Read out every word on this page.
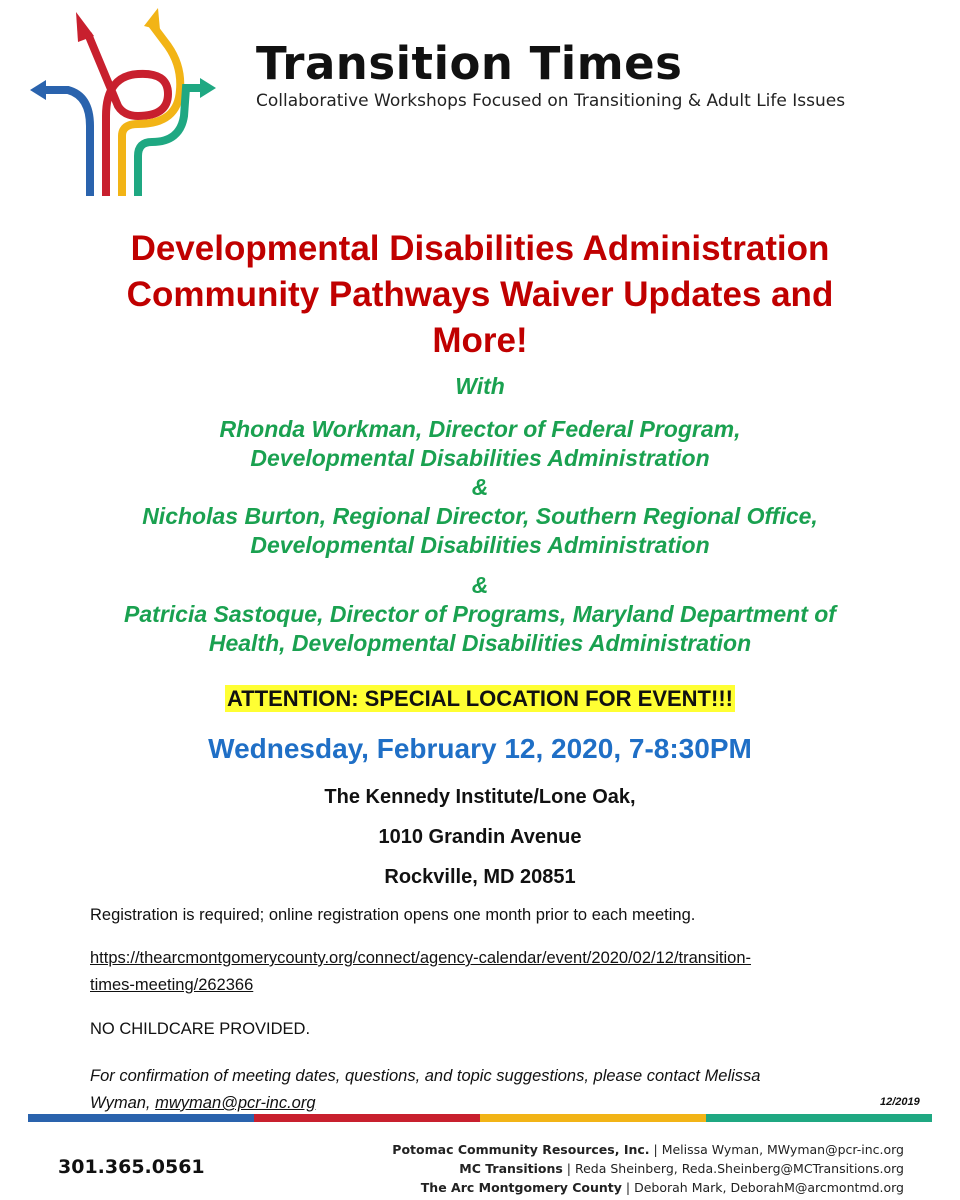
Transition Times
Collaborative Workshops Focused on Transitioning & Adult Life Issues
Developmental Disabilities Administration
Community Pathways Waiver Updates and
More!
With
Rhonda Workman, Director of Federal Program,
Developmental Disabilities Administration
&
Nicholas Burton, Regional Director, Southern Regional Office,
Developmental Disabilities Administration
&
Patricia Sastoque, Director of Programs, Maryland Department of
Health, Developmental Disabilities Administration
ATTENTION: SPECIAL LOCATION FOR EVENT!!!
Wednesday, February 12, 2020, 7-8:30PM
The Kennedy Institute/Lone Oak,
1010 Grandin Avenue
Rockville, MD 20851
Registration is required; online registration opens one month prior to each meeting.
https://thearcmontgomerycounty.org/connect/agency-calendar/event/2020/02/12/transition-
times-meeting/262366
NO CHILDCARE PROVIDED.
For confirmation of meeting dates, questions, and topic suggestions, please contact Melissa
Wyman, mwyman@pcr-inc.org	12/2019
301.365.0561
Potomac Community Resources, Inc. | Melissa Wyman, MWyman@pcr-inc.org
MC Transitions | Reda Sheinberg, Reda.Sheinberg@MCTransitions.org
The Arc Montgomery County | Deborah Mark, DeborahM@arcmontmd.org
